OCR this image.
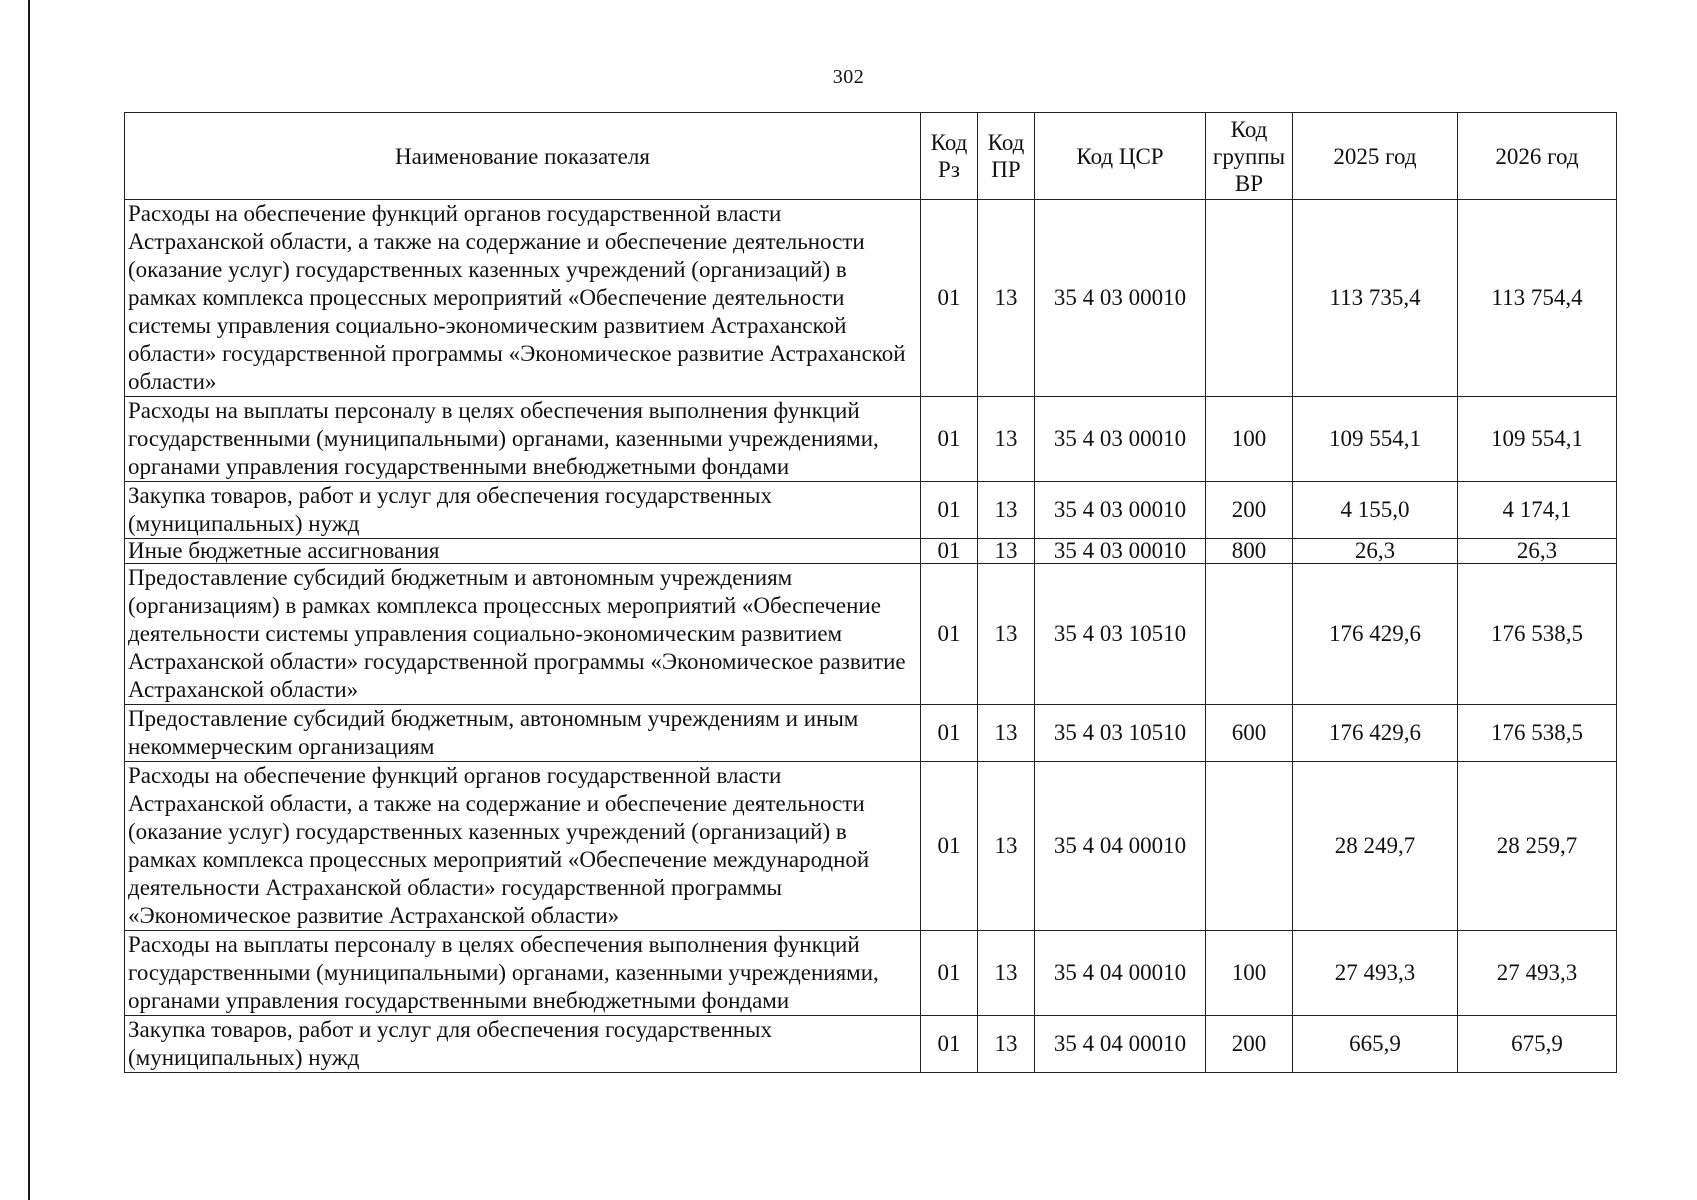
302
Наименование показателя	Код Рз	Код ПР	Код ЦСР	Код группы ВР	2025 год	2026 год
Расходы на обеспечение функций органов государственной власти Астраханской области, а также на содержание и обеспечение деятельности (оказание услуг) государственных казенных учреждений (организаций) в рамках комплекса процессных мероприятий «Обеспечение деятельности системы управления социально-экономическим развитием Астраханской области» государственной программы «Экономическое развитие Астраханской области»	01	13	35 4 03 00010		113 735,4	113 754,4
Расходы на выплаты персоналу в целях обеспечения выполнения функций государственными (муниципальными) органами, казенными учреждениями, органами управления государственными внебюджетными фондами	01	13	35 4 03 00010	100	109 554,1	109 554,1
Закупка товаров, работ и услуг для обеспечения государственных (муниципальных) нужд	01	13	35 4 03 00010	200	4 155,0	4 174,1
Иные бюджетные ассигнования	01	13	35 4 03 00010	800	26,3	26,3
Предоставление субсидий бюджетным и автономным учреждениям (организациям) в рамках комплекса процессных мероприятий «Обеспечение деятельности системы управления социально-экономическим развитием Астраханской области» государственной программы «Экономическое развитие Астраханской области»	01	13	35 4 03 10510		176 429,6	176 538,5
Предоставление субсидий бюджетным, автономным учреждениям и иным некоммерческим организациям	01	13	35 4 03 10510	600	176 429,6	176 538,5
Расходы на обеспечение функций органов государственной власти Астраханской области, а также на содержание и обеспечение деятельности (оказание услуг) государственных казенных учреждений (организаций) в рамках комплекса процессных мероприятий «Обеспечение международной деятельности Астраханской области» государственной программы «Экономическое развитие Астраханской области»	01	13	35 4 04 00010		28 249,7	28 259,7
Расходы на выплаты персоналу в целях обеспечения выполнения функций государственными (муниципальными) органами, казенными учреждениями, органами управления государственными внебюджетными фондами	01	13	35 4 04 00010	100	27 493,3	27 493,3
Закупка товаров, работ и услуг для обеспечения государственных (муниципальных) нужд	01	13	35 4 04 00010	200	665,9	675,9
